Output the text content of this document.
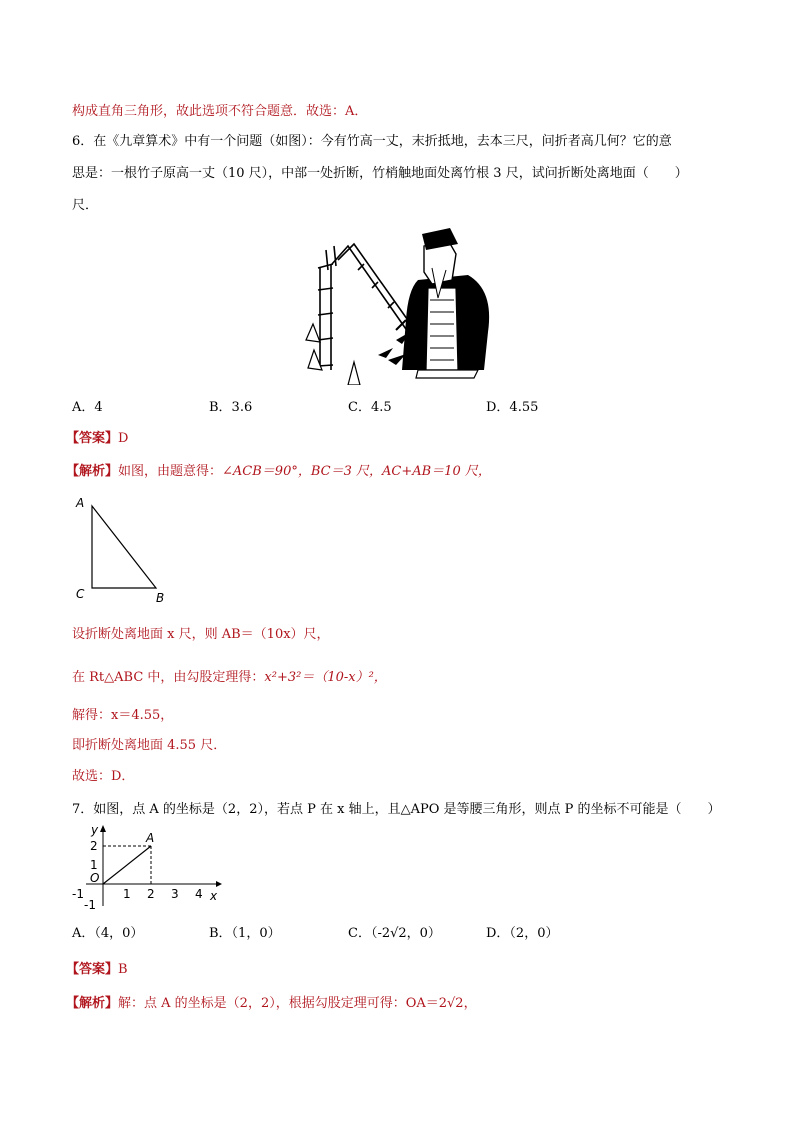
构成直角三角形，故此选项不符合题意．故选：A．
6．在《九章算术》中有一个问题（如图）：今有竹高一丈，末折抵地，去本三尺，问折者高几何？它的意
思是：一根竹子原高一丈（10 尺），中部一处折断，竹梢触地面处离竹根 3 尺，试问折断处离地面（　　）
尺．
A．4	B．3.6	C．4.5	D．4.55
【答案】D
【解析】如图，由题意得：∠ACB＝90°，BC＝3 尺，AC+AB＝10 尺，
A
C	B
设折断处离地面 x 尺，则 AB＝（10x）尺，
在 Rt△ABC 中，由勾股定理得：x²+3²＝（10-x）²，
解得：x＝4.55，
即折断处离地面 4.55 尺．
故选：D．
7．如图，点 A 的坐标是（2，2），若点 P 在 x 轴上，且△APO 是等腰三角形，则点 P 的坐标不可能是（　　）
y
x
O
A
-1	1 2 3 4
2
1
-1
A．（4，0）	B．（1，0）	C．（-2√2，0）	D．（2，0）
【答案】B
【解析】解：点 A 的坐标是（2，2），根据勾股定理可得：OA＝2√2，
